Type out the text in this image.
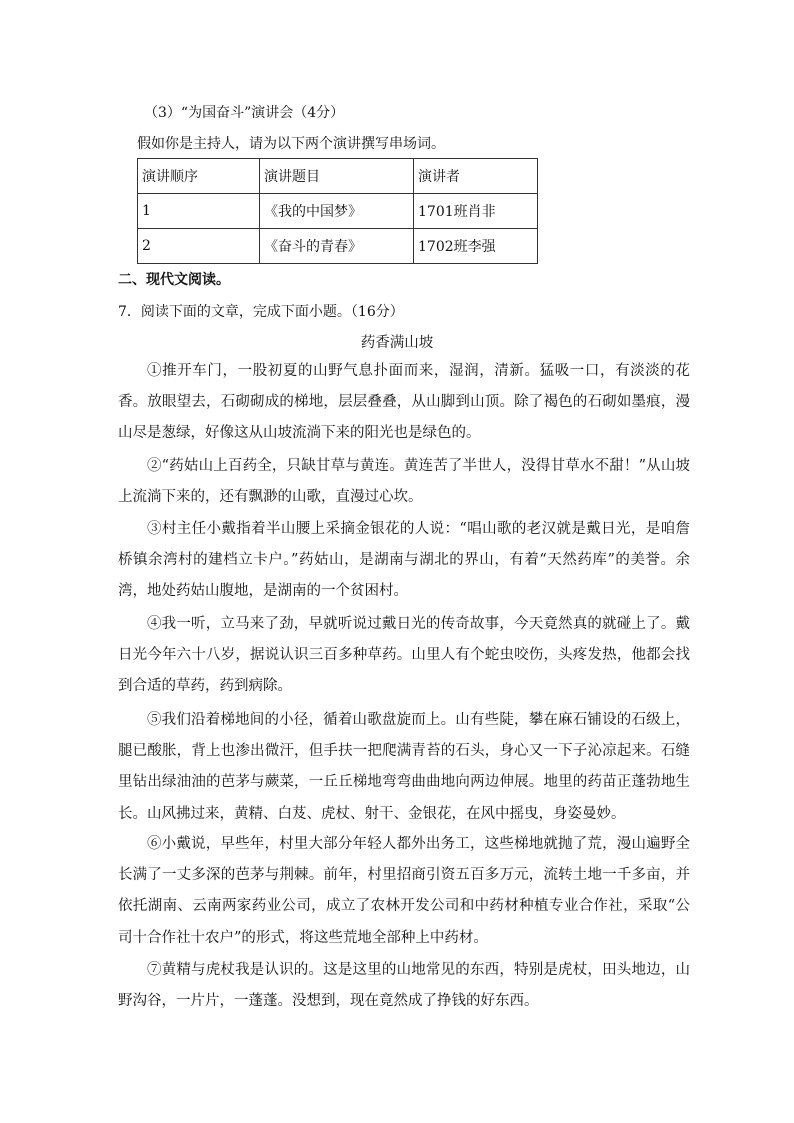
（3）“为国奋斗”演讲会（4分）
假如你是主持人，请为以下两个演讲撰写串场词。
演讲顺序	演讲题目	演讲者
1	《我的中国梦》	1701班肖非
2	《奋斗的青春》	1702班李强
二、现代文阅读。
7．阅读下面的文章，完成下面小题。（16分）
药香满山坡
①推开车门，一股初夏的山野气息扑面而来，湿润，清新。猛吸一口，有淡淡的花香。放眼望去，石砌砌成的梯地，层层叠叠，从山脚到山顶。除了褐色的石砌如墨痕，漫山尽是葱绿，好像这从山坡流淌下来的阳光也是绿色的。
②“药姑山上百药全，只缺甘草与黄连。黄连苦了半世人，没得甘草水不甜！”从山坡上流淌下来的，还有飘渺的山歌，直漫过心坎。
③村主任小戴指着半山腰上采摘金银花的人说：“唱山歌的老汉就是戴日光，是咱詹桥镇余湾村的建档立卡户。”药姑山，是湖南与湖北的界山，有着“天然药库”的美誉。余湾，地处药姑山腹地，是湖南的一个贫困村。
④我一听，立马来了劲，早就听说过戴日光的传奇故事，今天竟然真的就碰上了。戴日光今年六十八岁，据说认识三百多种草药。山里人有个蛇虫咬伤，头疼发热，他都会找到合适的草药，药到病除。
⑤我们沿着梯地间的小径，循着山歌盘旋而上。山有些陡，攀在麻石铺设的石级上，腿已酸胀，背上也渗出微汗，但手扶一把爬满青苔的石头，身心又一下子沁凉起来。石缝里钻出绿油油的芭茅与蕨菜，一丘丘梯地弯弯曲曲地向两边伸展。地里的药苗正蓬勃地生长。山风拂过来，黄精、白芨、虎杖、射干、金银花，在风中摇曳，身姿曼妙。
⑥小戴说，早些年，村里大部分年轻人都外出务工，这些梯地就抛了荒，漫山遍野全长满了一丈多深的芭茅与荆棘。前年，村里招商引资五百多万元，流转土地一千多亩，并依托湖南、云南两家药业公司，成立了农林开发公司和中药材种植专业合作社，采取“公司十合作社十农户”的形式，将这些荒地全部种上中药材。
⑦黄精与虎杖我是认识的。这是这里的山地常见的东西，特别是虎杖，田头地边，山野沟谷，一片片，一蓬蓬。没想到，现在竟然成了挣钱的好东西。
